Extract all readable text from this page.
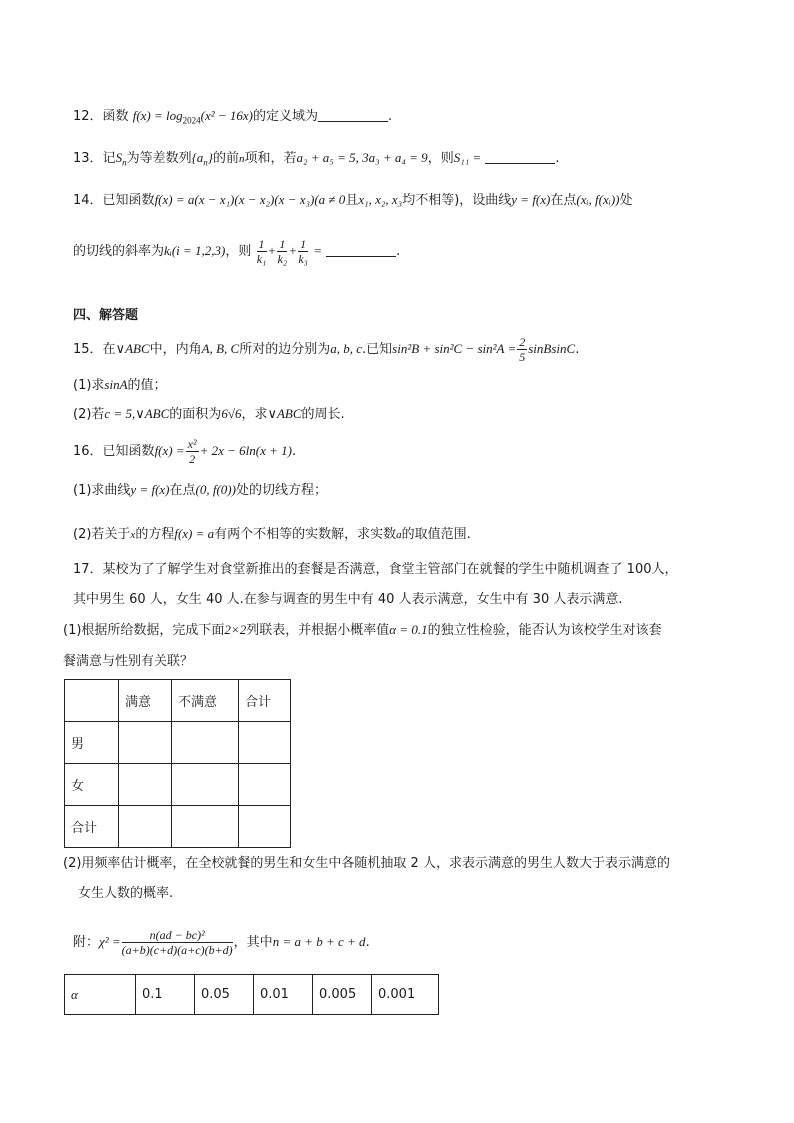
12．函数 $f(x) = \log_{2024}(x^2 - 16x)$的定义域为	.
13．记$S_n$为等差数列$\{a_n\}$的前n项和，若a₂ + a₅ = 5, 3a₃ + a₄ = 9，则S₁₁ =	.
14．已知函数f(x) = a(x − x₁)(x − x₂)(x − x₃)(a ≠ 0且x₁, x₂, x₃均不相等)，设曲线y = f(x)在点(xᵢ, f(xᵢ))处
的切线的斜率为kᵢ(i = 1,2,3)，则 $\frac{1}{\text{k₁}} + \frac{1}{\text{k₂}} + \frac{1}{\text{k₃}}$ =	.
四、解答题
15．在∨ABC中，内角A, B, C所对的边分别为a, b, c.已知$\sin^2B + \sin^2C - \sin^2A = \frac{2}{5}$ sinBsinC.
(1)求sinA的值；
(2)若c = 5,∨ABC的面积为6√6，求∨ABC的周长.
16．已知函数$f(x) = \frac{\text{x²}}{2} + 2x - 6\ln(x + 1)$.
(1)求曲线y = f(x)在点(0, f(0))处的切线方程；
(2)若关于x的方程f(x) = a有两个不相等的实数解，求实数a的取值范围.
17．某校为了了解学生对食堂新推出的套餐是否满意，食堂主管部门在就餐的学生中随机调查了 100人，
其中男生 60 人，女生 40 人.在参与调查的男生中有 40 人表示满意，女生中有 30 人表示满意.
(1)根据所给数据，完成下面2×2列联表，并根据小概率值α = 0.1的独立性检验，能否认为该校学生对该套
餐满意与性别有关联？
	满意	不满意	合计
男			
女			
合计			
(2)用频率估计概率，在全校就餐的男生和女生中各随机抽取 2 人，求表示满意的男生人数大于表示满意的
女生人数的概率.
附：$\chi^2 = \frac{\text{n(ad − bc)²}}{(a+b)(c+d)(a+c)(b+d)}$ ，其中n = a + b + c + d.
α	0.1	0.05	0.01	0.005	0.001
